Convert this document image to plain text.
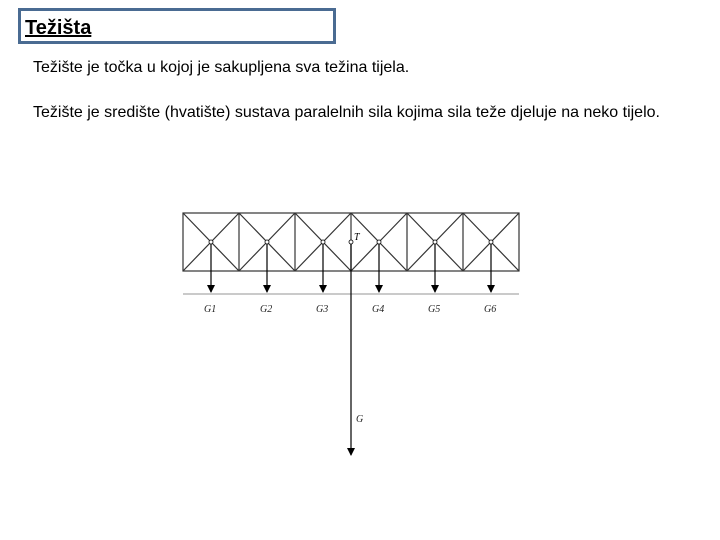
Težišta

Težište je točka u kojoj je sakupljena sva težina tijela.

Težište je središte (hvatište) sustava paralelnih sila kojima sila teže djeluje na neko tijelo.

T
G1	G2	G3	G4	G5	G6
G
